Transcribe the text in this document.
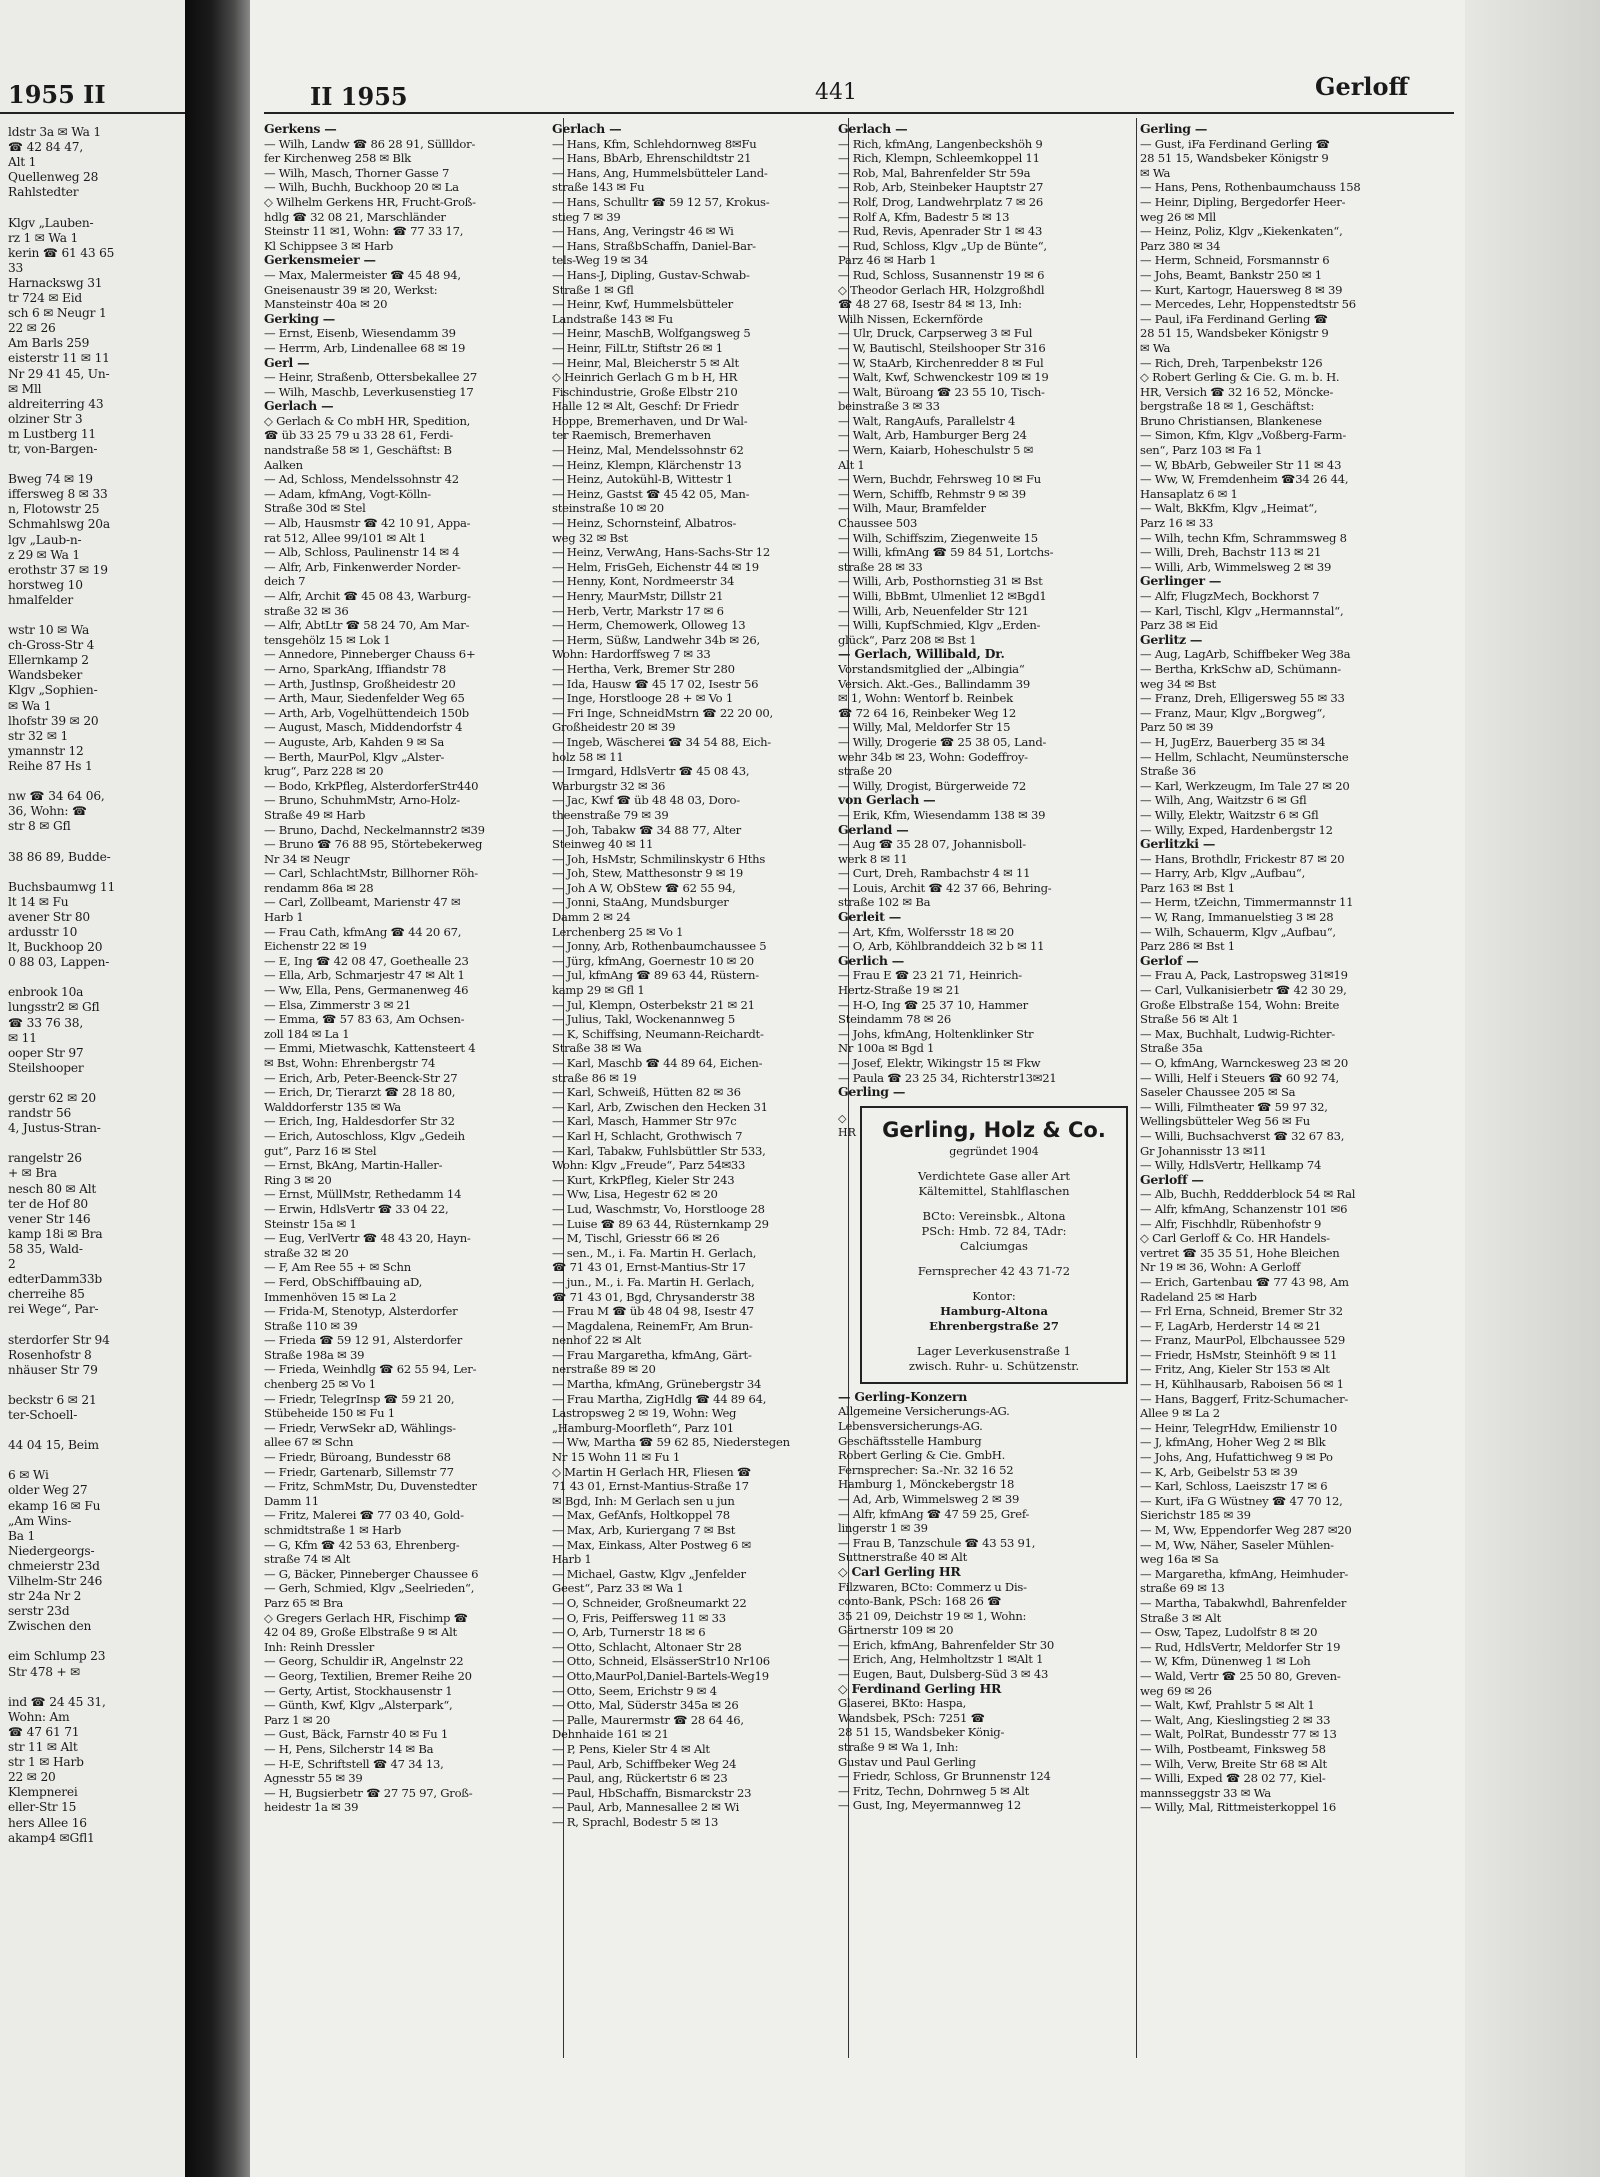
1955 II
ldstr 3a ✉ Wa 1
☎ 42 84 47,
Alt 1
Quellenweg 28
Rahlstedter

Klgv „Lauben-
rz 1 ✉ Wa 1
kerin ☎ 61 43 65
33
Harnackswg 31
tr 724 ✉ Eid
sch 6 ✉ Neugr 1
22 ✉ 26
Am Barls 259
eisterstr 11 ✉ 11
Nr 29 41 45, Un-
✉ Mll
aldreiterring 43
olziner Str 3
m Lustberg 11
tr, von-Bargen-

Bweg 74 ✉ 19
iffersweg 8 ✉ 33
n, Flotowstr 25
Schmahlswg 20a
lgv „Laub-n-
z 29 ✉ Wa 1
erothstr 37 ✉ 19
horstweg 10
hmalfelder

wstr 10 ✉ Wa
ch-Gross-Str 4
Ellernkamp 2
Wandsbeker
Klgv „Sophien-
✉ Wa 1
lhofstr 39 ✉ 20
str 32 ✉ 1
ymannstr 12
Reihe 87 Hs 1

nw ☎ 34 64 06,
36, Wohn: ☎
str 8 ✉ Gfl

38 86 89, Budde-

Buchsbaumwg 11
lt 14 ✉ Fu
avener Str 80
ardusstr 10
lt, Buckhoop 20
0 88 03, Lappen-

enbrook 10a
lungsstr2 ✉ Gfl
☎ 33 76 38,
✉ 11
ooper Str 97
Steilshooper

gerstr 62 ✉ 20
randstr 56
4, Justus-Stran-

rangelstr 26
+ ✉ Bra
nesch 80 ✉ Alt
ter de Hof 80
vener Str 146
kamp 18i ✉ Bra
58 35, Wald-
2
edterDamm33b
cherreihe 85
rei Wege“, Par-

sterdorfer Str 94
Rosenhofstr 8
nhäuser Str 79

beckstr 6 ✉ 21
ter-Schoell-

44 04 15, Beim

6 ✉ Wi
older Weg 27
ekamp 16 ✉ Fu
„Am Wins-
Ba 1
Niedergeorgs-
chmeierstr 23d
Vilhelm-Str 246
str 24a Nr 2
serstr 23d
Zwischen den

eim Schlump 23
Str 478 + ✉

ind ☎ 24 45 31,
Wohn: Am
☎ 47 61 71
str 11 ✉ Alt
str 1 ✉ Harb
22 ✉ 20
Klempnerei
eller-Str 15
hers Allee 16
akamp4 ✉Gfl1
II 1955	441	Gerloff
Gerkens —
— Wilh, Landw ☎ 86 28 91, Süllldor-
fer Kirchenweg 258 ✉ Blk
— Wilh, Masch, Thorner Gasse 7
— Wilh, Buchh, Buckhoop 20 ✉ La
◇ Wilhelm Gerkens HR, Frucht-Groß-
hdlg ☎ 32 08 21, Marschländer
Steinstr 11 ✉1, Wohn: ☎ 77 33 17,
Kl Schippsee 3 ✉ Harb
Gerkensmeier —
— Max, Malermeister ☎ 45 48 94,
Gneisenaustr 39 ✉ 20, Werkst:
Mansteinstr 40a ✉ 20
Gerking —
— Ernst, Eisenb, Wiesendamm 39
— Herrm, Arb, Lindenallee 68 ✉ 19
Gerl —
— Heinr, Straßenb, Ottersbekallee 27
— Wilh, Maschb, Leverkusenstieg 17
Gerlach —
◇ Gerlach & Co mbH HR, Spedition,
☎ üb 33 25 79 u 33 28 61, Ferdi-
nandstraße 58 ✉ 1, Geschäftst: B
Aalken
— Ad, Schloss, Mendelssohnstr 42
— Adam, kfmAng, Vogt-Kölln-
Straße 30d ✉ Stel
— Alb, Hausmstr ☎ 42 10 91, Appa-
rat 512, Allee 99/101 ✉ Alt 1
— Alb, Schloss, Paulinenstr 14 ✉ 4
— Alfr, Arb, Finkenwerder Norder-
deich 7
— Alfr, Archit ☎ 45 08 43, Warburg-
straße 32 ✉ 36
— Alfr, AbtLtr ☎ 58 24 70, Am Mar-
tensgehölz 15 ✉ Lok 1
— Annedore, Pinneberger Chauss 6+
— Arno, SparkAng, Iffiandstr 78
— Arth, Justlnsp, Großheidestr 20
— Arth, Maur, Siedenfelder Weg 65
— Arth, Arb, Vogelhüttendeich 150b
— August, Masch, Middendorfstr 4
— Auguste, Arb, Kahden 9 ✉ Sa
— Berth, MaurPol, Klgv „Alster-
krug“, Parz 228 ✉ 20
— Bodo, KrkPfleg, AlsterdorferStr440
— Bruno, SchuhmMstr, Arno-Holz-
Straße 49 ✉ Harb
— Bruno, Dachd, Neckelmannstr2 ✉39
— Bruno ☎ 76 88 95, Störtebekerweg
Nr 34 ✉ Neugr
— Carl, SchlachtMstr, Billhorner Röh-
rendamm 86a ✉ 28
— Carl, Zollbeamt, Marienstr 47 ✉
Harb 1
— Frau Cath, kfmAng ☎ 44 20 67,
Eichenstr 22 ✉ 19
— E, Ing ☎ 42 08 47, Goethealle 23
— Ella, Arb, Schmarjestr 47 ✉ Alt 1
— Ww, Ella, Pens, Germanenweg 46
— Elsa, Zimmerstr 3 ✉ 21
— Emma, ☎ 57 83 63, Am Ochsen-
zoll 184 ✉ La 1
— Emmi, Mietwaschk, Kattensteert 4
✉ Bst, Wohn: Ehrenbergstr 74
— Erich, Arb, Peter-Beenck-Str 27
— Erich, Dr, Tierarzt ☎ 28 18 80,
Walddorferstr 135 ✉ Wa
— Erich, Ing, Haldesdorfer Str 32
— Erich, Autoschloss, Klgv „Gedeih
gut“, Parz 16 ✉ Stel
— Ernst, BkAng, Martin-Haller-
Ring 3 ✉ 20
— Ernst, MüllMstr, Rethedamm 14
— Erwin, HdlsVertr ☎ 33 04 22,
Steinstr 15a ✉ 1
— Eug, VerlVertr ☎ 48 43 20, Hayn-
straße 32 ✉ 20
— F, Am Ree 55 + ✉ Schn
— Ferd, ObSchiffbauing aD,
Immenhöven 15 ✉ La 2
— Frida-M, Stenotyp, Alsterdorfer
Straße 110 ✉ 39
— Frieda ☎ 59 12 91, Alsterdorfer
Straße 198a ✉ 39
— Frieda, Weinhdlg ☎ 62 55 94, Ler-
chenberg 25 ✉ Vo 1
— Friedr, TelegrInsp ☎ 59 21 20,
Stübeheide 150 ✉ Fu 1
— Friedr, VerwSekr aD, Wählings-
allee 67 ✉ Schn
— Friedr, Büroang, Bundesstr 68
— Friedr, Gartenarb, Sillemstr 77
— Fritz, SchmMstr, Du, Duvenstedter
Damm 11
— Fritz, Malerei ☎ 77 03 40, Gold-
schmidtstraße 1 ✉ Harb
— G, Kfm ☎ 42 53 63, Ehrenberg-
straße 74 ✉ Alt
— G, Bäcker, Pinneberger Chaussee 6
— Gerh, Schmied, Klgv „Seelrieden“,
Parz 65 ✉ Bra
◇ Gregers Gerlach HR, Fischimp ☎
42 04 89, Große Elbstraße 9 ✉ Alt
Inh: Reinh Dressler
— Georg, Schuldir iR, Angelnstr 22
— Georg, Textilien, Bremer Reihe 20
— Gerty, Artist, Stockhausenstr 1
— Günth, Kwf, Klgv „Alsterpark“,
Parz 1 ✉ 20
— Gust, Bäck, Farnstr 40 ✉ Fu 1
— H, Pens, Silcherstr 14 ✉ Ba
— H-E, Schriftstell ☎ 47 34 13,
Agnesstr 55 ✉ 39
— H, Bugsierbetr ☎ 27 75 97, Groß-
heidestr 1a ✉ 39
Gerlach —
— Hans, Kfm, Schlehdornweg 8✉Fu
— Hans, BbArb, Ehrenschildtstr 21
— Hans, Ang, Hummelsbütteler Land-
straße 143 ✉ Fu
— Hans, Schulltr ☎ 59 12 57, Krokus-
stieg 7 ✉ 39
— Hans, Ang, Veringstr 46 ✉ Wi
— Hans, StraßbSchaffn, Daniel-Bar-
tels-Weg 19 ✉ 34
— Hans-J, Dipling, Gustav-Schwab-
Straße 1 ✉ Gfl
— Heinr, Kwf, Hummelsbütteler
Landstraße 143 ✉ Fu
— Heinr, MaschB, Wolfgangsweg 5
— Heinr, FilLtr, Stiftstr 26 ✉ 1
— Heinr, Mal, Bleicherstr 5 ✉ Alt
◇ Heinrich Gerlach G m b H, HR
Fischindustrie, Große Elbstr 210
Halle 12 ✉ Alt, Geschf: Dr Friedr
Hoppe, Bremerhaven, und Dr Wal-
ter Raemisch, Bremerhaven
— Heinz, Mal, Mendelssohnstr 62
— Heinz, Klempn, Klärchenstr 13
— Heinz, Autokühl-B, Wittestr 1
— Heinz, Gastst ☎ 45 42 05, Man-
steinstraße 10 ✉ 20
— Heinz, Schornsteinf, Albatros-
weg 32 ✉ Bst
— Heinz, VerwAng, Hans-Sachs-Str 12
— Helm, FrisGeh, Eichenstr 44 ✉ 19
— Henny, Kont, Nordmeerstr 34
— Henry, MaurMstr, Dillstr 21
— Herb, Vertr, Markstr 17 ✉ 6
— Herm, Chemowerk, Olloweg 13
— Herm, Süßw, Landwehr 34b ✉ 26,
Wohn: Hardorffsweg 7 ✉ 33
— Hertha, Verk, Bremer Str 280
— Ida, Hausw ☎ 45 17 02, Isestr 56
— Inge, Horstlooge 28 + ✉ Vo 1
— Fri Inge, SchneidMstrn ☎ 22 20 00,
Großheidestr 20 ✉ 39
— Ingeb, Wäscherei ☎ 34 54 88, Eich-
holz 58 ✉ 11
— Irmgard, HdlsVertr ☎ 45 08 43,
Warburgstr 32 ✉ 36
— Jac, Kwf ☎ üb 48 48 03, Doro-
theenstraße 79 ✉ 39
— Joh, Tabakw ☎ 34 88 77, Alter
Steinweg 40 ✉ 11
— Joh, HsMstr, Schmilinskystr 6 Hths
— Joh, Stew, Matthesonstr 9 ✉ 19
— Joh A W, ObStew ☎ 62 55 94,
— Jonni, StaAng, Mundsburger
Damm 2 ✉ 24
Lerchenberg 25 ✉ Vo 1
— Jonny, Arb, Rothenbaumchaussee 5
— Jürg, kfmAng, Goernestr 10 ✉ 20
— Jul, kfmAng ☎ 89 63 44, Rüstern-
kamp 29 ✉ Gfl 1
— Jul, Klempn, Osterbekstr 21 ✉ 21
— Julius, Takl, Wockenannweg 5
— K, Schiffsing, Neumann-Reichardt-
Straße 38 ✉ Wa
— Karl, Maschb ☎ 44 89 64, Eichen-
straße 86 ✉ 19
— Karl, Schweiß, Hütten 82 ✉ 36
— Karl, Arb, Zwischen den Hecken 31
— Karl, Masch, Hammer Str 97c
— Karl H, Schlacht, Grothwisch 7
— Karl, Tabakw, Fuhlsbüttler Str 533,
Wohn: Klgv „Freude“, Parz 54✉33
— Kurt, KrkPfleg, Kieler Str 243
— Ww, Lisa, Hegestr 62 ✉ 20
— Lud, Waschmstr, Vo, Horstlooge 28
— Luise ☎ 89 63 44, Rüsternkamp 29
— M, Tischl, Griesstr 66 ✉ 26
— sen., M., i. Fa. Martin H. Gerlach,
☎ 71 43 01, Ernst-Mantius-Str 17
— jun., M., i. Fa. Martin H. Gerlach,
☎ 71 43 01, Bgd, Chrysanderstr 38
— Frau M ☎ üb 48 04 98, Isestr 47
— Magdalena, ReinemFr, Am Brun-
nenhof 22 ✉ Alt
— Frau Margaretha, kfmAng, Gärt-
nerstraße 89 ✉ 20
— Martha, kfmAng, Grünebergstr 34
— Frau Martha, ZigHdlg ☎ 44 89 64,
Lastropsweg 2 ✉ 19, Wohn: Weg
„Hamburg-Moorfleth“, Parz 101
— Ww, Martha ☎ 59 62 85, Niederstegen
Nr 15 Wohn 11 ✉ Fu 1
◇ Martin H Gerlach HR, Fliesen ☎
71 43 01, Ernst-Mantius-Straße 17
✉ Bgd, Inh: M Gerlach sen u jun
— Max, GefAnfs, Holtkoppel 78
— Max, Arb, Kuriergang 7 ✉ Bst
— Max, Einkass, Alter Postweg 6 ✉
Harb 1
— Michael, Gastw, Klgv „Jenfelder
Geest“, Parz 33 ✉ Wa 1
— O, Schneider, Großneumarkt 22
— O, Fris, Peiffersweg 11 ✉ 33
— O, Arb, Turnerstr 18 ✉ 6
— Otto, Schlacht, Altonaer Str 28
— Otto, Schneid, ElsässerStr10 Nr106
— Otto,MaurPol,Daniel-Bartels-Weg19
— Otto, Seem, Erichstr 9 ✉ 4
— Otto, Mal, Süderstr 345a ✉ 26
— Palle, Maurermstr ☎ 28 64 46,
Dehnhaide 161 ✉ 21
— P, Pens, Kieler Str 4 ✉ Alt
— Paul, Arb, Schiffbeker Weg 24
— Paul, ang, Rückertstr 6 ✉ 23
— Paul, HbSchaffn, Bismarckstr 23
— Paul, Arb, Mannesallee 2 ✉ Wi
— R, Sprachl, Bodestr 5 ✉ 13
Gerlach —
— Rich, kfmAng, Langenbeckshöh 9
— Rich, Klempn, Schleemkoppel 11
— Rob, Mal, Bahrenfelder Str 59a
— Rob, Arb, Steinbeker Hauptstr 27
— Rolf, Drog, Landwehrplatz 7 ✉ 26
— Rolf A, Kfm, Badestr 5 ✉ 13
— Rud, Revis, Apenrader Str 1 ✉ 43
— Rud, Schloss, Klgv „Up de Bünte“,
Parz 46 ✉ Harb 1
— Rud, Schloss, Susannenstr 19 ✉ 6
◇ Theodor Gerlach HR, Holzgroßhdl
☎ 48 27 68, Isestr 84 ✉ 13, Inh:
Wilh Nissen, Eckernförde
— Ulr, Druck, Carpserweg 3 ✉ Ful
— W, Bautischl, Steilshooper Str 316
— W, StaArb, Kirchenredder 8 ✉ Ful
— Walt, Kwf, Schwenckestr 109 ✉ 19
— Walt, Büroang ☎ 23 55 10, Tisch-
beinstraße 3 ✉ 33
— Walt, RangAufs, Parallelstr 4
— Walt, Arb, Hamburger Berg 24
— Wern, Kaiarb, Hoheschulstr 5 ✉
Alt 1
— Wern, Buchdr, Fehrsweg 10 ✉ Fu
— Wern, Schiffb, Rehmstr 9 ✉ 39
— Wilh, Maur, Bramfelder
Chaussee 503
— Wilh, Schiffszim, Ziegenweite 15
— Willi, kfmAng ☎ 59 84 51, Lortchs-
straße 28 ✉ 33
— Willi, Arb, Posthornstieg 31 ✉ Bst
— Willi, BbBmt, Ulmenliet 12 ✉Bgd1
— Willi, Arb, Neuenfelder Str 121
— Willi, KupfSchmied, Klgv „Erden-
glück“, Parz 208 ✉ Bst 1
— Gerlach, Willibald, Dr.
Vorstandsmitglied der „Albingia“
Versich. Akt.-Ges., Ballindamm 39
✉ 1, Wohn: Wentorf b. Reinbek
☎ 72 64 16, Reinbeker Weg 12
— Willy, Mal, Meldorfer Str 15
— Willy, Drogerie ☎ 25 38 05, Land-
wehr 34b ✉ 23, Wohn: Godeffroy-
straße 20
— Willy, Drogist, Bürgerweide 72
von Gerlach —
— Erik, Kfm, Wiesendamm 138 ✉ 39
Gerland —
— Aug ☎ 35 28 07, Johannisboll-
werk 8 ✉ 11
— Curt, Dreh, Rambachstr 4 ✉ 11
— Louis, Archit ☎ 42 37 66, Behring-
straße 102 ✉ Ba
Gerleit —
— Art, Kfm, Wolfersstr 18 ✉ 20
— O, Arb, Köhlbranddeich 32 b ✉ 11
Gerlich —
— Frau E ☎ 23 21 71, Heinrich-
Hertz-Straße 19 ✉ 21
— H-O, Ing ☎ 25 37 10, Hammer
Steindamm 78 ✉ 26
— Johs, kfmAng, Holtenklinker Str
Nr 100a ✉ Bgd 1
— Josef, Elektr, Wikingstr 15 ✉ Fkw
— Paula ☎ 23 25 34, Richterstr13✉21
Gerling —
◇
HR	Gerling, Holz & Co.
gegründet 1904
Verdichtete Gase aller Art
Kältemittel, Stahlflaschen
BCto: Vereinsbk., Altona
PSch: Hmb. 72 84, TAdr:
Calciumgas
Fernsprecher 42 43 71-72
Kontor:
Hamburg-Altona
Ehrenbergstraße 27
Lager Leverkusenstraße 1
zwisch. Ruhr- u. Schützenstr.
— Gerling-Konzern
Allgemeine Versicherungs-AG.
Lebensversicherungs-AG.
Geschäftsstelle Hamburg
Robert Gerling & Cie. GmbH.
Fernsprecher: Sa.-Nr. 32 16 52
Hamburg 1, Mönckebergstr 18
— Ad, Arb, Wimmelsweg 2 ✉ 39
— Alfr, kfmAng ☎ 47 59 25, Gref-
lingerstr 1 ✉ 39
— Frau B, Tanzschule ☎ 43 53 91,
Suttnerstraße 40 ✉ Alt
◇ Carl Gerling HR
Filzwaren, BCto: Commerz u Dis-
conto-Bank, PSch: 168 26 ☎
35 21 09, Deichstr 19 ✉ 1, Wohn:
Gärtnerstr 109 ✉ 20
— Erich, kfmAng, Bahrenfelder Str 30
— Erich, Ang, Helmholtzstr 1 ✉Alt 1
— Eugen, Baut, Dulsberg-Süd 3 ✉ 43
◇ Ferdinand Gerling HR
Glaserei, BKto: Haspa,
Wandsbek, PSch: 7251 ☎
28 51 15, Wandsbeker König-
straße 9 ✉ Wa 1, Inh:
Gustav und Paul Gerling
— Friedr, Schloss, Gr Brunnenstr 124
— Fritz, Techn, Dohrnweg 5 ✉ Alt
— Gust, Ing, Meyermannweg 12
Gerling —
— Gust, iFa Ferdinand Gerling ☎
28 51 15, Wandsbeker Königstr 9
✉ Wa
— Hans, Pens, Rothenbaumchauss 158
— Heinr, Dipling, Bergedorfer Heer-
weg 26 ✉ Mll
— Heinz, Poliz, Klgv „Kiekenkaten“,
Parz 380 ✉ 34
— Herm, Schneid, Forsmannstr 6
— Johs, Beamt, Bankstr 250 ✉ 1
— Kurt, Kartogr, Hauersweg 8 ✉ 39
— Mercedes, Lehr, Hoppenstedtstr 56
— Paul, iFa Ferdinand Gerling ☎
28 51 15, Wandsbeker Königstr 9
✉ Wa
— Rich, Dreh, Tarpenbekstr 126
◇ Robert Gerling & Cie. G. m. b. H.
HR, Versich ☎ 32 16 52, Möncke-
bergstraße 18 ✉ 1, Geschäftst:
Bruno Christiansen, Blankenese
— Simon, Kfm, Klgv „Voßberg-Farm-
sen“, Parz 103 ✉ Fa 1
— W, BbArb, Gebweiler Str 11 ✉ 43
— Ww, W, Fremdenheim ☎34 26 44,
Hansaplatz 6 ✉ 1
— Walt, BkKfm, Klgv „Heimat“,
Parz 16 ✉ 33
— Wilh, techn Kfm, Schrammsweg 8
— Willi, Dreh, Bachstr 113 ✉ 21
— Willi, Arb, Wimmelsweg 2 ✉ 39
Gerlinger —
— Alfr, FlugzMech, Bockhorst 7
— Karl, Tischl, Klgv „Hermannstal“,
Parz 38 ✉ Eid
Gerlitz —
— Aug, LagArb, Schiffbeker Weg 38a
— Bertha, KrkSchw aD, Schümann-
weg 34 ✉ Bst
— Franz, Dreh, Elligersweg 55 ✉ 33
— Franz, Maur, Klgv „Borgweg“,
Parz 50 ✉ 39
— H, JugErz, Bauerberg 35 ✉ 34
— Hellm, Schlacht, Neumünstersche
Straße 36
— Karl, Werkzeugm, Im Tale 27 ✉ 20
— Wilh, Ang, Waitzstr 6 ✉ Gfl
— Willy, Elektr, Waitzstr 6 ✉ Gfl
— Willy, Exped, Hardenbergstr 12
Gerlitzki —
— Hans, Brothdlr, Frickestr 87 ✉ 20
— Harry, Arb, Klgv „Aufbau“,
Parz 163 ✉ Bst 1
— Herm, tZeichn, Timmermannstr 11
— W, Rang, Immanuelstieg 3 ✉ 28
— Wilh, Schauerm, Klgv „Aufbau“,
Parz 286 ✉ Bst 1
Gerlof —
— Frau A, Pack, Lastropsweg 31✉19
— Carl, Vulkanisierbetr ☎ 42 30 29,
Große Elbstraße 154, Wohn: Breite
Straße 56 ✉ Alt 1
— Max, Buchhalt, Ludwig-Richter-
Straße 35a
— O, kfmAng, Warnckesweg 23 ✉ 20
— Willi, Helf i Steuers ☎ 60 92 74,
Saseler Chaussee 205 ✉ Sa
— Willi, Filmtheater ☎ 59 97 32,
Wellingsbütteler Weg 56 ✉ Fu
— Willi, Buchsachverst ☎ 32 67 83,
Gr Johannisstr 13 ✉11
— Willy, HdlsVertr, Hellkamp 74
Gerloff —
— Alb, Buchh, Reddderblock 54 ✉ Ral
— Alfr, kfmAng, Schanzenstr 101 ✉6
— Alfr, Fischhdlr, Rübenhofstr 9
◇ Carl Gerloff & Co. HR Handels-
vertret ☎ 35 35 51, Hohe Bleichen
Nr 19 ✉ 36, Wohn: A Gerloff
— Erich, Gartenbau ☎ 77 43 98, Am
Radeland 25 ✉ Harb
— Frl Erna, Schneid, Bremer Str 32
— F, LagArb, Herderstr 14 ✉ 21
— Franz, MaurPol, Elbchaussee 529
— Friedr, HsMstr, Steinhöft 9 ✉ 11
— Fritz, Ang, Kieler Str 153 ✉ Alt
— H, Kühlhausarb, Raboisen 56 ✉ 1
— Hans, Baggerf, Fritz-Schumacher-
Allee 9 ✉ La 2
— Heinr, TelegrHdw, Emilienstr 10
— J, kfmAng, Hoher Weg 2 ✉ Blk
— Johs, Ang, Hufattichweg 9 ✉ Po
— K, Arb, Geibelstr 53 ✉ 39
— Karl, Schloss, Laeiszstr 17 ✉ 6
— Kurt, iFa G Wüstney ☎ 47 70 12,
Sierichstr 185 ✉ 39
— M, Ww, Eppendorfer Weg 287 ✉20
— M, Ww, Näher, Saseler Mühlen-
weg 16a ✉ Sa
— Margaretha, kfmAng, Heimhuder-
straße 69 ✉ 13
— Martha, Tabakwhdl, Bahrenfelder
Straße 3 ✉ Alt
— Osw, Tapez, Ludolfstr 8 ✉ 20
— Rud, HdlsVertr, Meldorfer Str 19
— W, Kfm, Dünenweg 1 ✉ Loh
— Wald, Vertr ☎ 25 50 80, Greven-
weg 69 ✉ 26
— Walt, Kwf, Prahlstr 5 ✉ Alt 1
— Walt, Ang, Kieslingstieg 2 ✉ 33
— Walt, PolRat, Bundesstr 77 ✉ 13
— Wilh, Postbeamt, Finksweg 58
— Wilh, Verw, Breite Str 68 ✉ Alt
— Willi, Exped ☎ 28 02 77, Kiel-
mannsseggstr 33 ✉ Wa
— Willy, Mal, Rittmeisterkoppel 16
